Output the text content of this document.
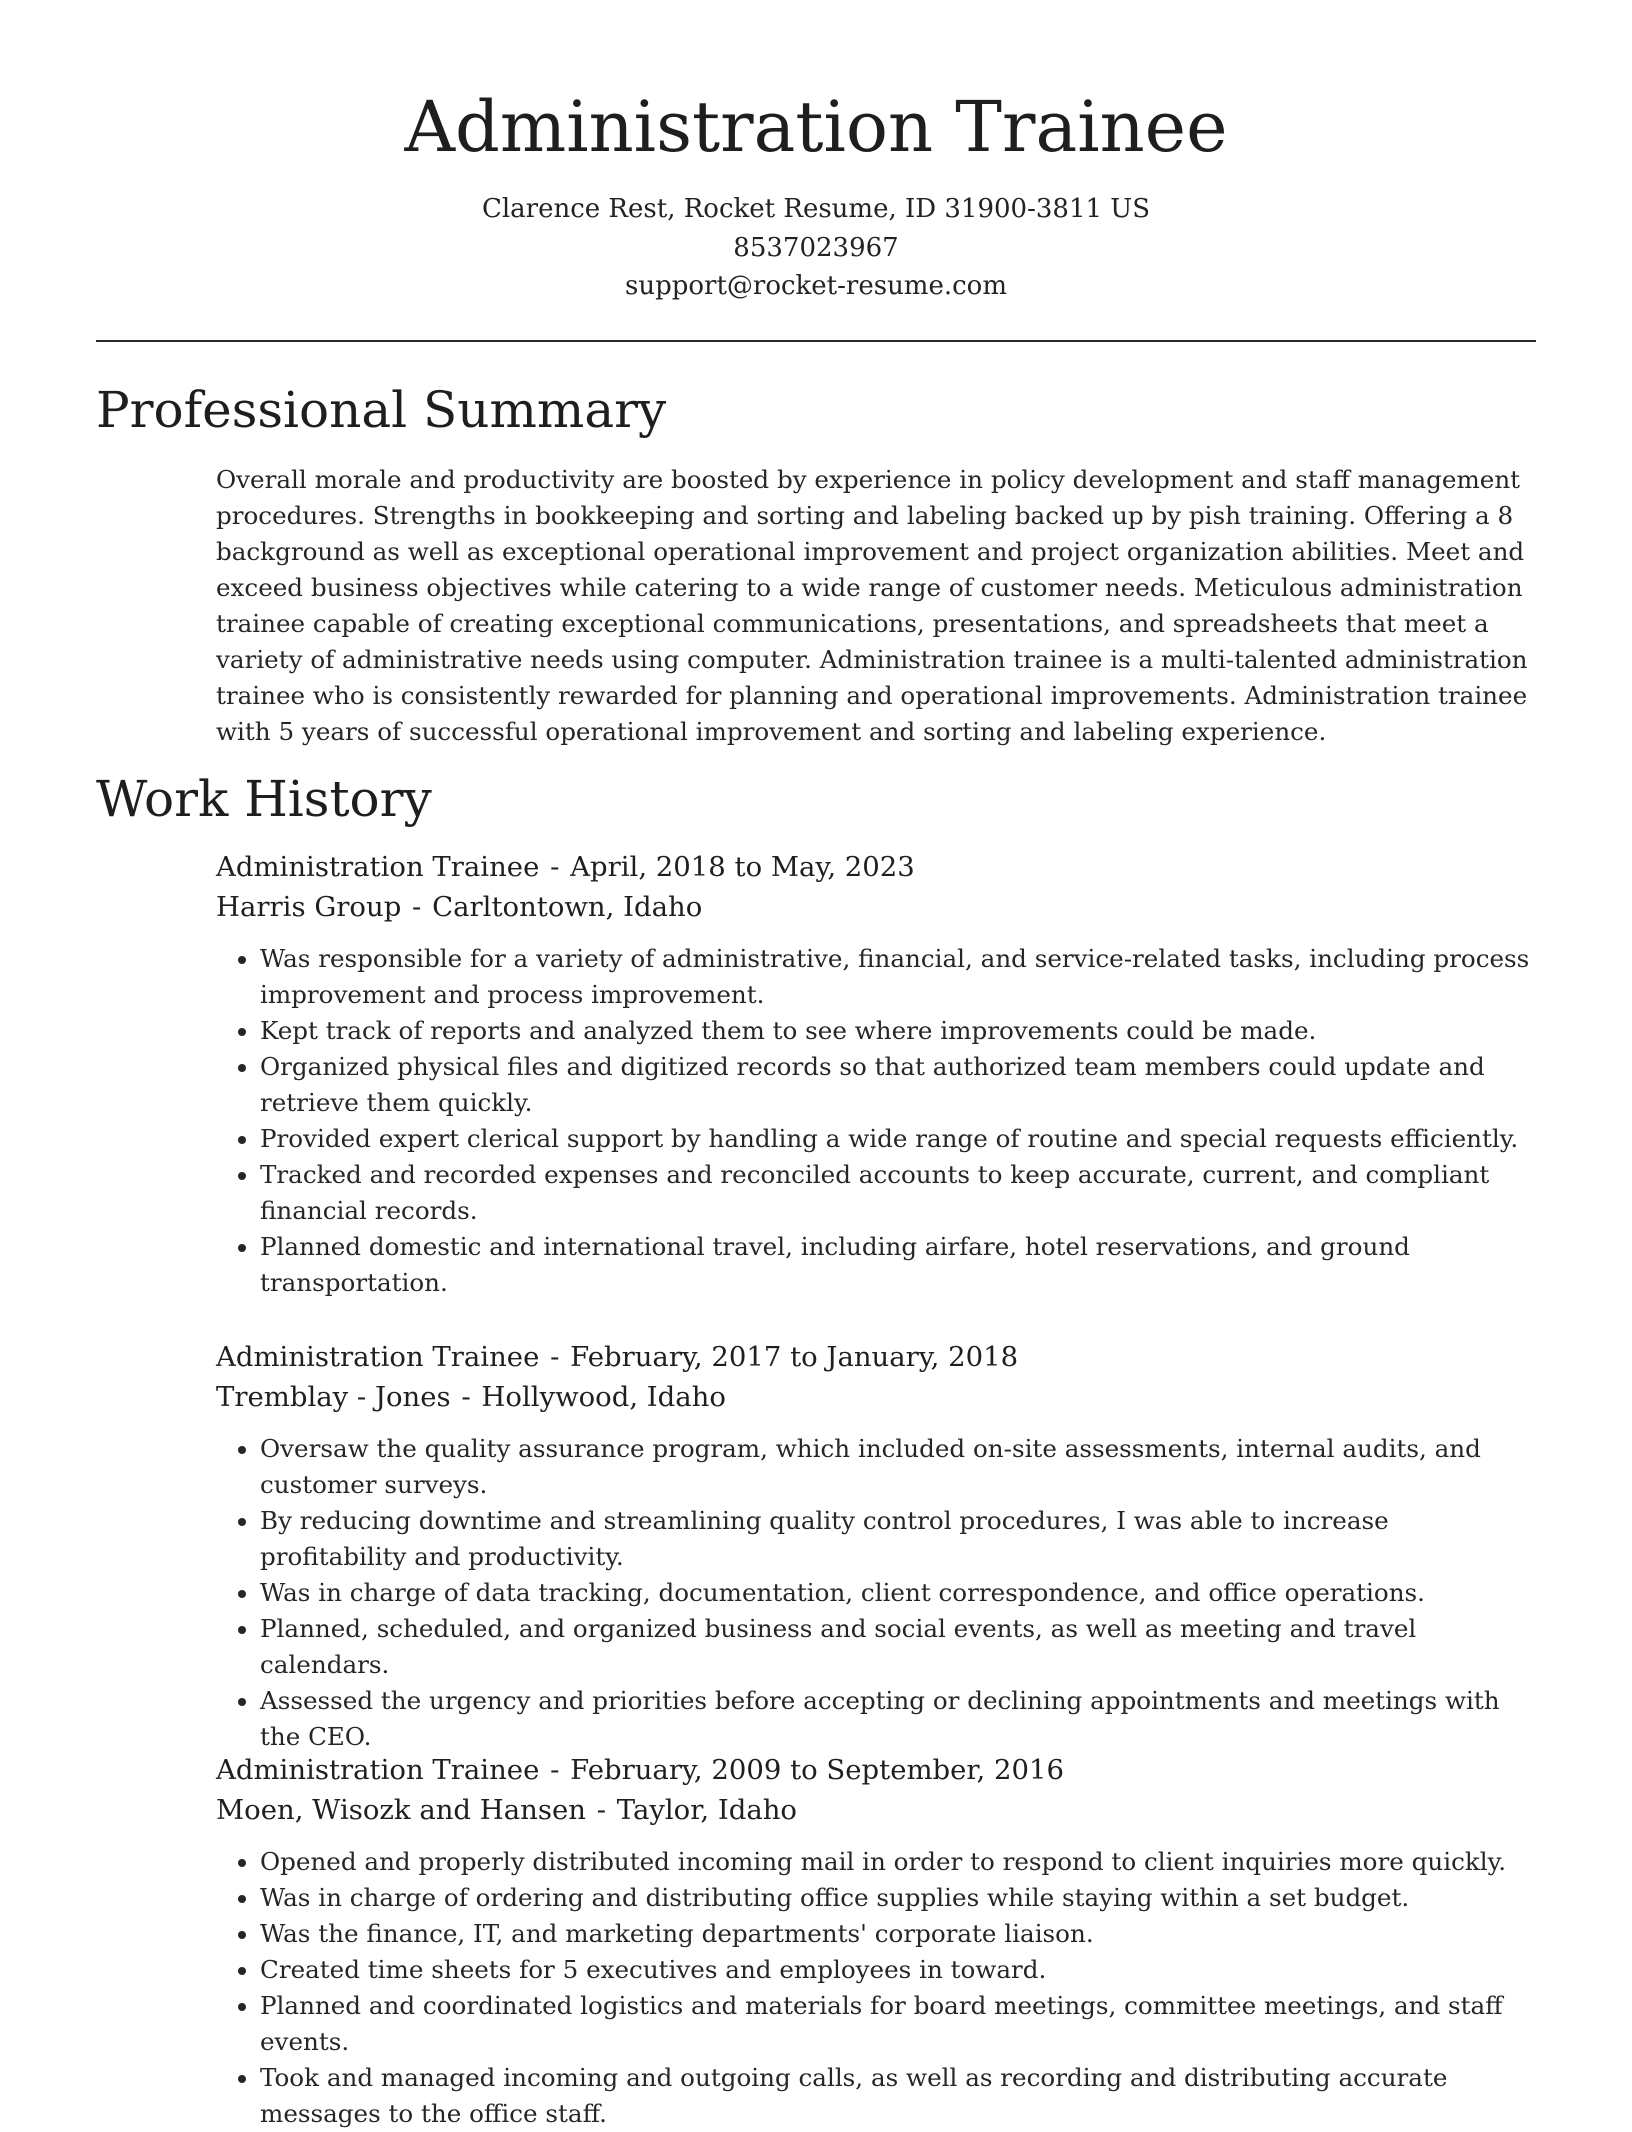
Administration Trainee
Clarence Rest, Rocket Resume, ID 31900-3811 US
8537023967
support@rocket-resume.com
Professional Summary

Overall morale and productivity are boosted by experience in policy development and staff management procedures. Strengths in bookkeeping and sorting and labeling backed up by pish training. Offering a 8 background as well as exceptional operational improvement and project organization abilities. Meet and exceed business objectives while catering to a wide range of customer needs. Meticulous administration trainee capable of creating exceptional communications, presentations, and spreadsheets that meet a variety of administrative needs using computer. Administration trainee is a multi-talented administration trainee who is consistently rewarded for planning and operational improvements. Administration trainee with 5 years of successful operational improvement and sorting and labeling experience.

Work History
Administration Trainee - April, 2018 to May, 2023
Harris Group - Carltontown, Idaho
• Was responsible for a variety of administrative, financial, and service-related tasks, including process improvement and process improvement.
• Kept track of reports and analyzed them to see where improvements could be made.
• Organized physical files and digitized records so that authorized team members could update and retrieve them quickly.
• Provided expert clerical support by handling a wide range of routine and special requests efficiently.
• Tracked and recorded expenses and reconciled accounts to keep accurate, current, and compliant financial records.
• Planned domestic and international travel, including airfare, hotel reservations, and ground transportation.
Administration Trainee - February, 2017 to January, 2018
Tremblay - Jones - Hollywood, Idaho
• Oversaw the quality assurance program, which included on-site assessments, internal audits, and customer surveys.
• By reducing downtime and streamlining quality control procedures, I was able to increase profitability and productivity.
• Was in charge of data tracking, documentation, client correspondence, and office operations.
• Planned, scheduled, and organized business and social events, as well as meeting and travel calendars.
• Assessed the urgency and priorities before accepting or declining appointments and meetings with the CEO.
Administration Trainee - February, 2009 to September, 2016
Moen, Wisozk and Hansen - Taylor, Idaho
• Opened and properly distributed incoming mail in order to respond to client inquiries more quickly.
• Was in charge of ordering and distributing office supplies while staying within a set budget.
• Was the finance, IT, and marketing departments' corporate liaison.
• Created time sheets for 5 executives and employees in toward.
• Planned and coordinated logistics and materials for board meetings, committee meetings, and staff events.
• Took and managed incoming and outgoing calls, as well as recording and distributing accurate messages to the office staff.
